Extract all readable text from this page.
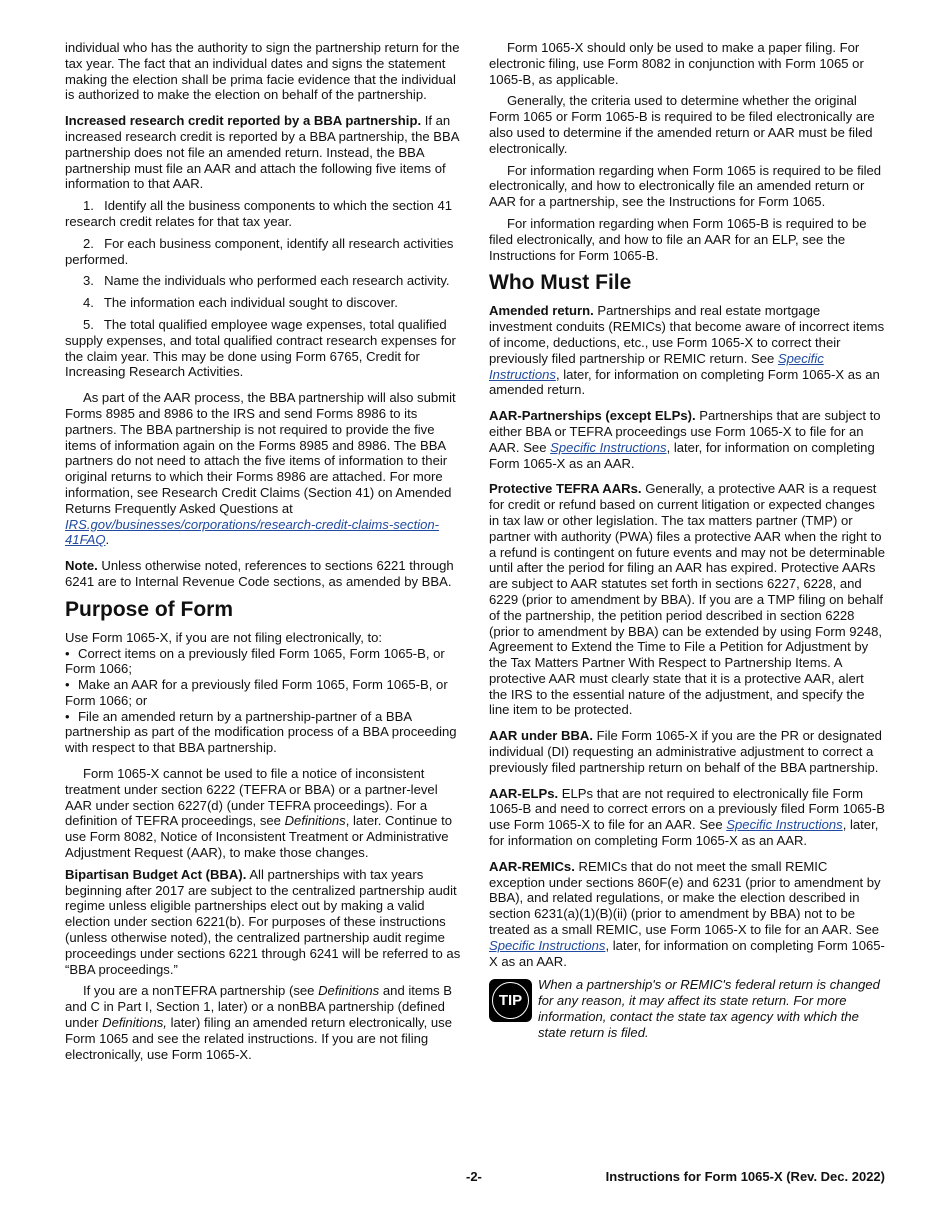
individual who has the authority to sign the partnership return for the tax year. The fact that an individual dates and signs the statement making the election shall be prima facie evidence that the individual is authorized to make the election on behalf of the partnership.

Increased research credit reported by a BBA partnership. If an increased research credit is reported by a BBA partnership, the BBA partnership does not file an amended return. Instead, the BBA partnership must file an AAR and attach the following five items of information to that AAR.

1.  Identify all the business components to which the section 41 research credit relates for that tax year.

2.  For each business component, identify all research activities performed.

3.  Name the individuals who performed each research activity.

4.  The information each individual sought to discover.

5.  The total qualified employee wage expenses, total qualified supply expenses, and total qualified contract research expenses for the claim year. This may be done using Form 6765, Credit for Increasing Research Activities.

As part of the AAR process, the BBA partnership will also submit Forms 8985 and 8986 to the IRS and send Forms 8986 to its partners. The BBA partnership is not required to provide the five items of information again on the Forms 8985 and 8986. The BBA partners do not need to attach the five items of information to their original returns to which their Forms 8986 are attached. For more information, see Research Credit Claims (Section 41) on Amended Returns Frequently Asked Questions at IRS.gov/businesses/corporations/research-credit-claims-section-41FAQ.

Note. Unless otherwise noted, references to sections 6221 through 6241 are to Internal Revenue Code sections, as amended by BBA.

Purpose of Form

Use Form 1065-X, if you are not filing electronically, to:

• Correct items on a previously filed Form 1065, Form 1065-B, or Form 1066;

• Make an AAR for a previously filed Form 1065, Form 1065-B, or Form 1066; or

• File an amended return by a partnership-partner of a BBA partnership as part of the modification process of a BBA proceeding with respect to that BBA partnership.

Form 1065-X cannot be used to file a notice of inconsistent treatment under section 6222 (TEFRA or BBA) or a partner-level AAR under section 6227(d) (under TEFRA proceedings). For a definition of TEFRA proceedings, see Definitions, later. Continue to use Form 8082, Notice of Inconsistent Treatment or Administrative Adjustment Request (AAR), to make those changes.

Bipartisan Budget Act (BBA). All partnerships with tax years beginning after 2017 are subject to the centralized partnership audit regime unless eligible partnerships elect out by making a valid election under section 6221(b). For purposes of these instructions (unless otherwise noted), the centralized partnership audit regime proceedings under sections 6221 through 6241 will be referred to as “BBA proceedings.”

If you are a nonTEFRA partnership (see Definitions and items B and C in Part I, Section 1, later) or a nonBBA partnership (defined under Definitions, later) filing an amended return electronically, use Form 1065 and see the related instructions. If you are not filing electronically, use Form 1065-X.

Form 1065-X should only be used to make a paper filing. For electronic filing, use Form 8082 in conjunction with Form 1065 or 1065-B, as applicable.

Generally, the criteria used to determine whether the original Form 1065 or Form 1065-B is required to be filed electronically are also used to determine if the amended return or AAR must be filed electronically.

For information regarding when Form 1065 is required to be filed electronically, and how to electronically file an amended return or AAR for a partnership, see the Instructions for Form 1065.

For information regarding when Form 1065-B is required to be filed electronically, and how to file an AAR for an ELP, see the Instructions for Form 1065-B.

Who Must File

Amended return. Partnerships and real estate mortgage investment conduits (REMICs) that become aware of incorrect items of income, deductions, etc., use Form 1065-X to correct their previously filed partnership or REMIC return. See Specific Instructions, later, for information on completing Form 1065-X as an amended return.

AAR-Partnerships (except ELPs). Partnerships that are subject to either BBA or TEFRA proceedings use Form 1065-X to file for an AAR. See Specific Instructions, later, for information on completing Form 1065-X as an AAR.

Protective TEFRA AARs. Generally, a protective AAR is a request for credit or refund based on current litigation or expected changes in tax law or other legislation. The tax matters partner (TMP) or partner with authority (PWA) files a protective AAR when the right to a refund is contingent on future events and may not be determinable until after the period for filing an AAR has expired. Protective AARs are subject to AAR statutes set forth in sections 6227, 6228, and 6229 (prior to amendment by BBA). If you are a TMP filing on behalf of the partnership, the petition period described in section 6228 (prior to amendment by BBA) can be extended by using Form 9248, Agreement to Extend the Time to File a Petition for Adjustment by the Tax Matters Partner With Respect to Partnership Items. A protective AAR must clearly state that it is a protective AAR, alert the IRS to the essential nature of the adjustment, and specify the line item to be protected.

AAR under BBA. File Form 1065-X if you are the PR or designated individual (DI) requesting an administrative adjustment to correct a previously filed partnership return on behalf of the BBA partnership.

AAR-ELPs. ELPs that are not required to electronically file Form 1065-B and need to correct errors on a previously filed Form 1065-B use Form 1065-X to file for an AAR. See Specific Instructions, later, for information on completing Form 1065-X as an AAR.

AAR-REMICs. REMICs that do not meet the small REMIC exception under sections 860F(e) and 6231 (prior to amendment by BBA), and related regulations, or make the election described in section 6231(a)(1)(B)(ii) (prior to amendment by BBA) not to be treated as a small REMIC, use Form 1065-X to file for an AAR. See Specific Instructions, later, for information on completing Form 1065-X as an AAR.

TIP
When a partnership's or REMIC's federal return is changed for any reason, it may affect its state return. For more information, contact the state tax agency with which the state return is filed.
-2-	Instructions for Form 1065-X (Rev. Dec. 2022)
